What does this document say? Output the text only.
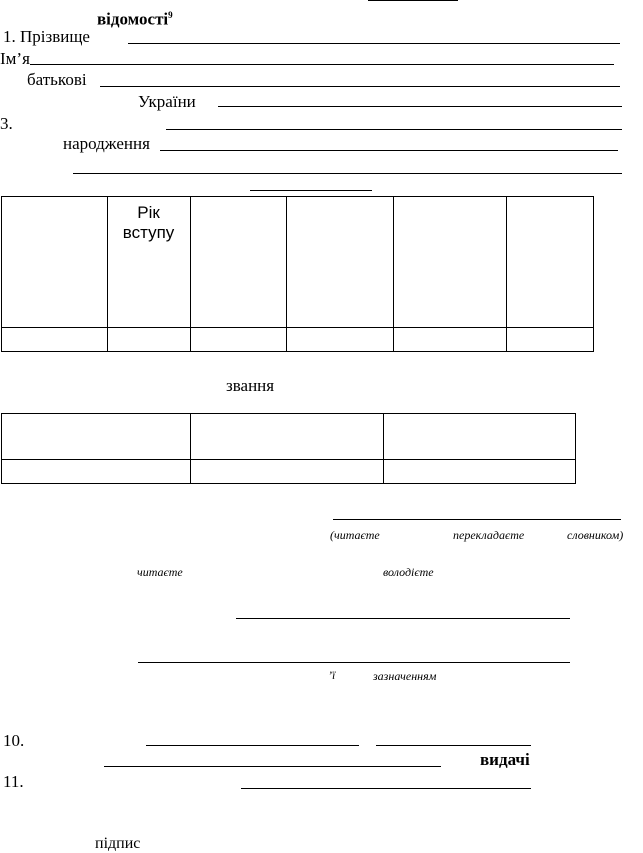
відомості$^9$
1. Прізвище
Ім’я
батькові
України
3.
народження

	Рік вступу				

звання

(читаєте	перекладаєте	словником)
читаєте	володієте
’ї	зазначенням
10.
видачі
11.
підпис
